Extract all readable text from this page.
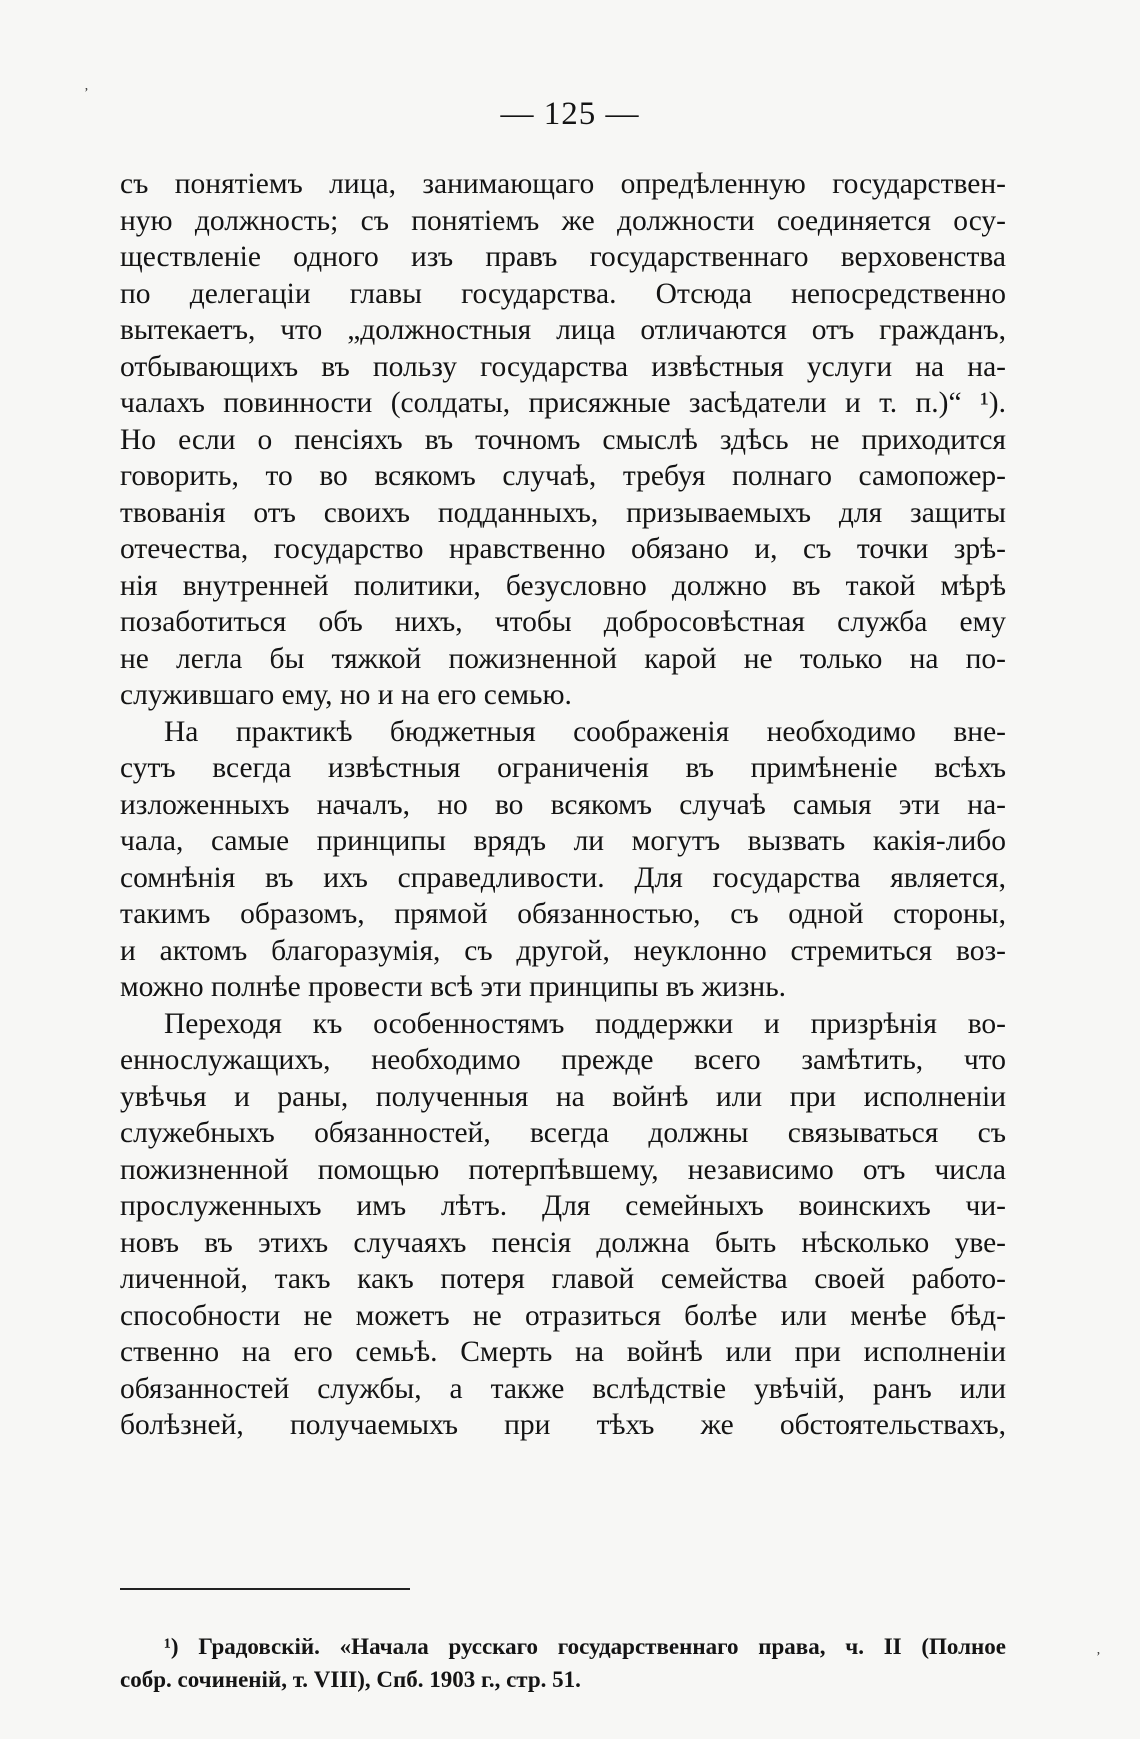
— 125 —
съ понятіемъ лица, занимающаго опредѣленную государствен-
ную должность; съ понятіемъ же должности соединяется осу-
ществленіе одного изъ правъ государственнаго верховенства
по делегаціи главы государства. Отсюда непосредственно
вытекаетъ, что „должностныя лица отличаются отъ гражданъ,
отбывающихъ въ пользу государства извѣстныя услуги на на-
чалахъ повинности (солдаты, присяжные засѣдатели и т. п.)“ ¹).
Но если о пенсіяхъ въ точномъ смыслѣ здѣсь не приходится
говорить, то во всякомъ случаѣ, требуя полнаго самопожер-
твованія отъ своихъ подданныхъ, призываемыхъ для защиты
отечества, государство нравственно обязано и, съ точки зрѣ-
нія внутренней политики, безусловно должно въ такой мѣрѣ
позаботиться объ нихъ, чтобы добросовѣстная служба ему
не легла бы тяжкой пожизненной карой не только на по-
служившаго ему, но и на его семью.
На практикѣ бюджетныя соображенія необходимо вне-
сутъ всегда извѣстныя ограниченія въ примѣненіе всѣхъ
изложенныхъ началъ, но во всякомъ случаѣ самыя эти на-
чала, самые принципы врядъ ли могутъ вызвать какія-либо
сомнѣнія въ ихъ справедливости. Для государства является,
такимъ образомъ, прямой обязанностью, съ одной стороны,
и актомъ благоразумія, съ другой, неуклонно стремиться воз-
можно полнѣе провести всѣ эти принципы въ жизнь.
Переходя къ особенностямъ поддержки и призрѣнія во-
еннослужащихъ, необходимо прежде всего замѣтить, что
увѣчья и раны, полученныя на войнѣ или при исполненіи
служебныхъ обязанностей, всегда должны связываться съ
пожизненной помощью потерпѣвшему, независимо отъ числа
прослуженныхъ имъ лѣтъ. Для семейныхъ воинскихъ чи-
новъ въ этихъ случаяхъ пенсія должна быть нѣсколько уве-
личенной, такъ какъ потеря главой семейства своей работо-
способности не можетъ не отразиться болѣе или менѣе бѣд-
ственно на его семьѣ. Смерть на войнѣ или при исполненіи
обязанностей службы, а также вслѣдствіе увѣчій, ранъ или
болѣзней, получаемыхъ при тѣхъ же обстоятельствахъ,
¹) Градовскій. «Начала русскаго государственнаго права, ч. II (Полное
собр. сочиненій, т. VIII), Спб. 1903 г., стр. 51.
ʼ
ʼ
